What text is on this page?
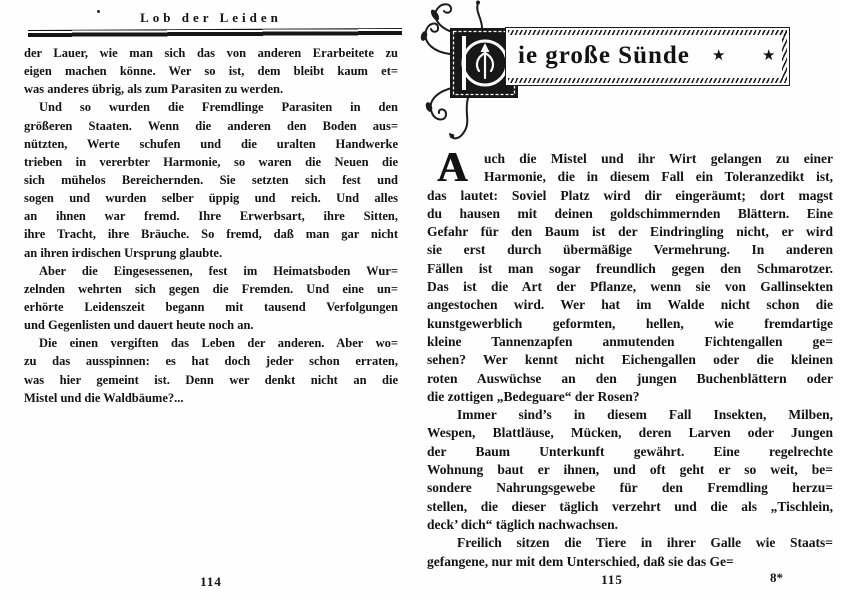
Lob der Leiden
der Lauer, wie man sich das von anderen Erarbeitete zu
eigen machen könne. Wer so ist, dem bleibt kaum et=
was anderes übrig, als zum Parasiten zu werden.
Und so wurden die Fremdlinge Parasiten in den
größeren Staaten. Wenn die anderen den Boden aus=
nützten, Werte schufen und die uralten Handwerke
trieben in vererbter Harmonie, so waren die Neuen die
sich mühelos Bereichernden. Sie setzten sich fest und
sogen und wurden selber üppig und reich. Und alles
an ihnen war fremd. Ihre Erwerbsart, ihre Sitten,
ihre Tracht, ihre Bräuche. So fremd, daß man gar nicht
an ihren irdischen Ursprung glaubte.
Aber die Eingesessenen, fest im Heimatsboden Wur=
zelnden wehrten sich gegen die Fremden. Und eine un=
erhörte Leidenszeit begann mit tausend Verfolgungen
und Gegenlisten und dauert heute noch an.
Die einen vergiften das Leben der anderen. Aber wo=
zu das ausspinnen: es hat doch jeder schon erraten,
was hier gemeint ist. Denn wer denkt nicht an die
Mistel und die Waldbäume?...
114
ie große Sünde ★ ★
A	uch die Mistel und ihr Wirt gelangen zu einer
Harmonie, die in diesem Fall ein Toleranzedikt ist,
das lautet: Soviel Platz wird dir eingeräumt; dort magst
du hausen mit deinen goldschimmernden Blättern. Eine
Gefahr für den Baum ist der Eindringling nicht, er wird
sie erst durch übermäßige Vermehrung. In anderen
Fällen ist man sogar freundlich gegen den Schmarotzer.
Das ist die Art der Pflanze, wenn sie von Gallinsekten
angestochen wird. Wer hat im Walde nicht schon die
kunstgewerblich geformten, hellen, wie fremdartige
kleine Tannenzapfen anmutenden Fichtengallen ge=
sehen? Wer kennt nicht Eichengallen oder die kleinen
roten Auswüchse an den jungen Buchenblättern oder
die zottigen „Bedeguare“ der Rosen?
Immer sind’s in diesem Fall Insekten, Milben,
Wespen, Blattläuse, Mücken, deren Larven oder Jungen
der Baum Unterkunft gewährt. Eine regelrechte
Wohnung baut er ihnen, und oft geht er so weit, be=
sondere Nahrungsgewebe für den Fremdling herzu=
stellen, die dieser täglich verzehrt und die als „Tischlein,
deck’ dich“ täglich nachwachsen.
Freilich sitzen die Tiere in ihrer Galle wie Staats=
gefangene, nur mit dem Unterschied, daß sie das Ge=
115	8*
